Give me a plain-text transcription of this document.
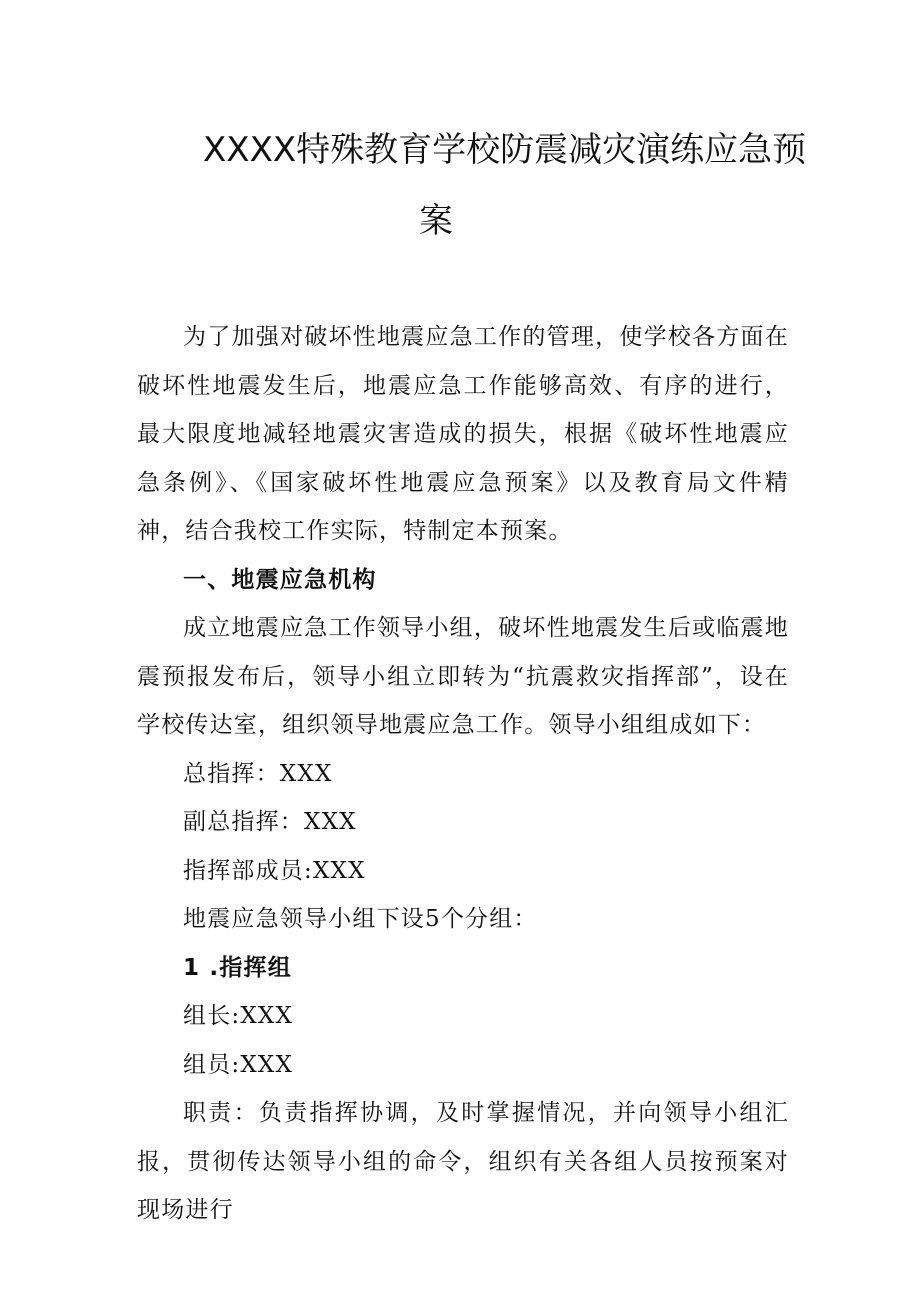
XXXX特殊教育学校防震减灾演练应急预
案

为了加强对破坏性地震应急工作的管理，使学校各方面在破坏性地震发生后，地震应急工作能够高效、有序的进行，最大限度地减轻地震灾害造成的损失，根据《破坏性地震应急条例》、《国家破坏性地震应急预案》以及教育局文件精神，结合我校工作实际，特制定本预案。

一、地震应急机构

成立地震应急工作领导小组，破坏性地震发生后或临震地震预报发布后，领导小组立即转为“抗震救灾指挥部”，设在学校传达室，组织领导地震应急工作。领导小组组成如下：

总指挥：XXX

副总指挥：XXX

指挥部成员:XXX

地震应急领导小组下设5个分组：

1 .指挥组

组长:XXX

组员:XXX

职责：负责指挥协调，及时掌握情况，并向领导小组汇报，贯彻传达领导小组的命令，组织有关各组人员按预案对现场进行
